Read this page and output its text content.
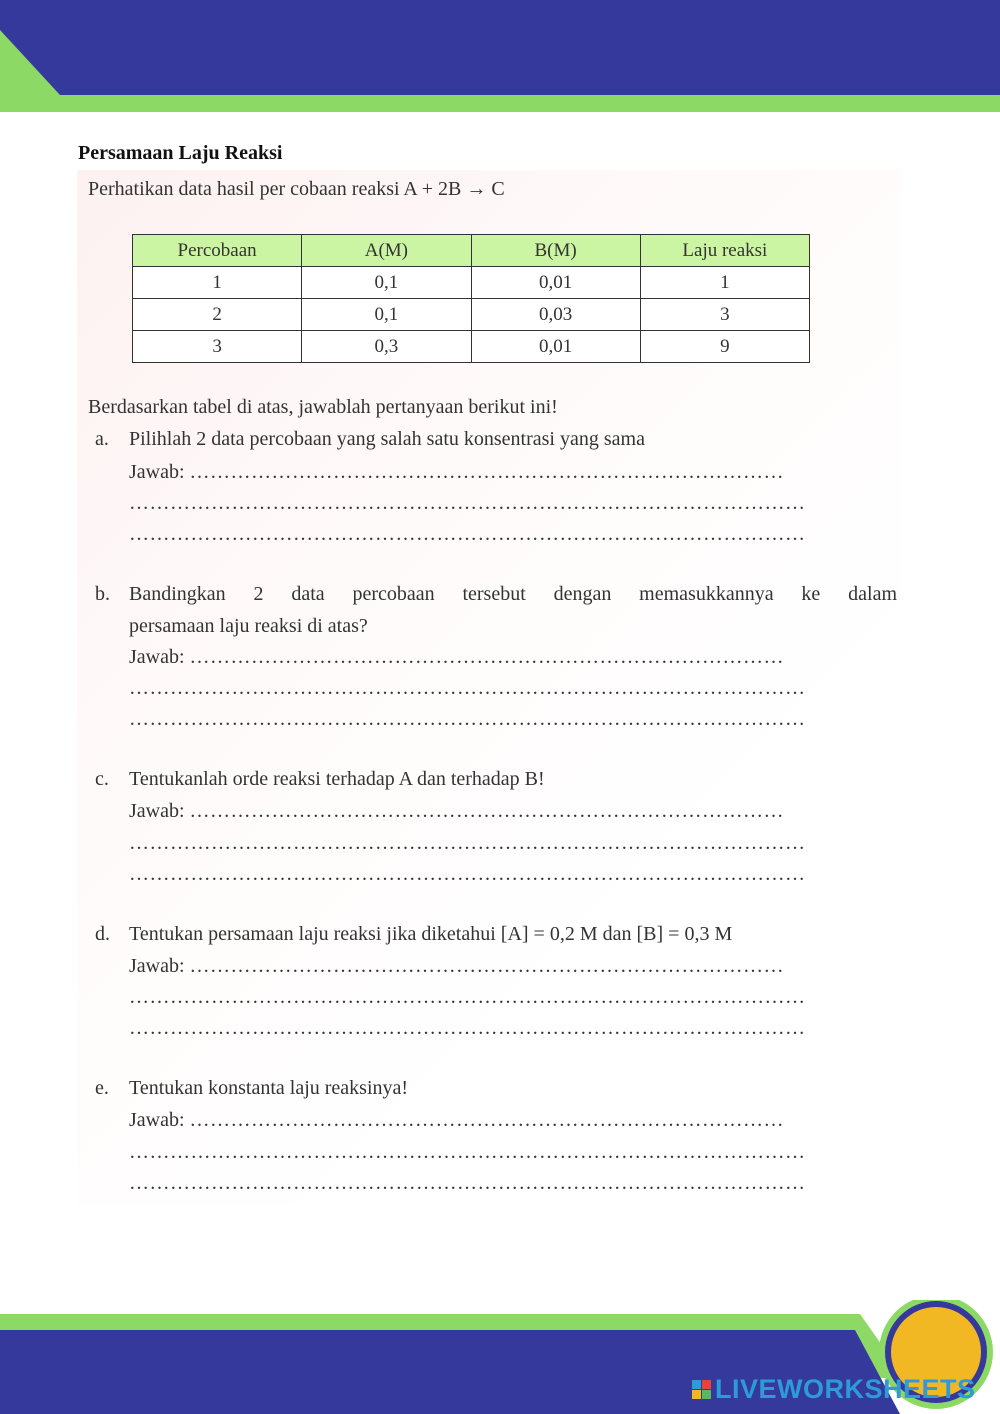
Persamaan Laju Reaksi
Perhatikan data hasil per cobaan reaksi A + 2B → C
Percobaan	A(M)	B(M)	Laju reaksi
1	0,1	0,01	1
2	0,1	0,03	3
3	0,3	0,01	9
Berdasarkan tabel di atas, jawablah pertanyaan berikut ini!
a. Pilihlah 2 data percobaan yang salah satu konsentrasi yang sama
Jawab: ……………………………………………………………………………
………………………………………………………………………………………
………………………………………………………………………………………
b. Bandingkan 2 data percobaan tersebut dengan memasukkannya ke dalam
persamaan laju reaksi di atas?
Jawab: ……………………………………………………………………………
………………………………………………………………………………………
………………………………………………………………………………………
c. Tentukanlah orde reaksi terhadap A dan terhadap B!
Jawab: ……………………………………………………………………………
………………………………………………………………………………………
………………………………………………………………………………………
d. Tentukan persamaan laju reaksi jika diketahui [A] = 0,2 M dan [B] = 0,3 M
Jawab: ……………………………………………………………………………
………………………………………………………………………………………
………………………………………………………………………………………
e. Tentukan konstanta laju reaksinya!
Jawab: ……………………………………………………………………………
………………………………………………………………………………………
………………………………………………………………………………………
LIVEWORKSHEETS
